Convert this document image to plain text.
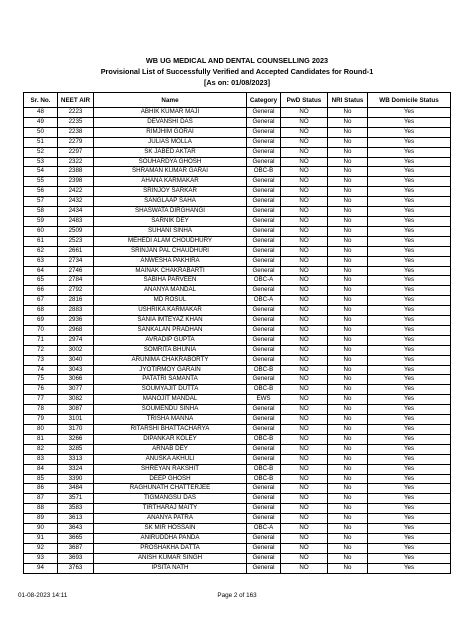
WB UG MEDICAL AND DENTAL COUNSELLING 2023
Provisional List of Successfully Verified and Accepted Candidates for Round-1
[As on: 01/08/2023]
Sr. No.	NEET AIR	Name	Category	PwD Status	NRI Status	WB Domicile Status
48	2223	ABHIK KUMAR MAJI	General	NO	No	Yes
49	2235	DEVANSHI DAS	General	NO	No	Yes
50	2238	RIMJHIM GORAI	General	NO	No	Yes
51	2279	JULIAS MOLLA	General	NO	No	Yes
52	2297	SK JABED AKTAR	General	NO	No	Yes
53	2322	SOUHARDYA GHOSH	General	NO	No	Yes
54	2388	SHRAMAN KUMAR GARAI	OBC-B	NO	No	Yes
55	2398	AHANA KARMAKAR	General	NO	No	Yes
56	2422	SRINJOY SARKAR	General	NO	No	Yes
57	2432	SANGLAAP SAHA	General	NO	No	Yes
58	2434	SHASWATA DIRGHANGI	General	NO	No	Yes
59	2483	SARNIK DEY	General	NO	No	Yes
60	2509	SUHANI SINHA	General	NO	No	Yes
61	2523	MEHEDI ALAM CHOUDHURY	General	NO	No	Yes
62	2661	SRINJAN PAL CHAUDHURI	General	NO	No	Yes
63	2734	ANWESHA PAKHIRA	General	NO	No	Yes
64	2746	MAINAK CHAKRABARTI	General	NO	No	Yes
65	2784	SABIHA PARVEEN	OBC-A	NO	No	Yes
66	2792	ANANYA MANDAL	General	NO	No	Yes
67	2816	MD ROSUL	OBC-A	NO	No	Yes
68	2883	USHRIKA KARMAKAR	General	NO	No	Yes
69	2936	SANIA IMTEYAZ KHAN	General	NO	No	Yes
70	2968	SANKALAN PRADHAN	General	NO	No	Yes
71	2974	AVRADIP GUPTA	General	NO	No	Yes
72	3002	SOMRITA BHUNIA	General	NO	No	Yes
73	3040	ARUNIMA CHAKRABORTY	General	NO	No	Yes
74	3043	JYOTIRMOY GARAIN	OBC-B	NO	No	Yes
75	3066	PATATRI SAMANTA	General	NO	No	Yes
76	3077	SOUMYAJIT DUTTA	OBC-B	NO	No	Yes
77	3082	MANOJIT MANDAL	EWS	NO	No	Yes
78	3087	SOUMENDU SINHA	General	NO	No	Yes
79	3101	TRISHA MANNA	General	NO	No	Yes
80	3170	RITARSHI BHATTACHARYA	General	NO	No	Yes
81	3266	DIPANKAR KOLEY	OBC-B	NO	No	Yes
82	3285	ARNAB DEY	General	NO	No	Yes
83	3313	ANUSKA AKHULI	General	NO	No	Yes
84	3324	SHREYAN RAKSHIT	OBC-B	NO	No	Yes
85	3390	DEEP GHOSH	OBC-B	NO	No	Yes
86	3484	RAGHUNATH CHATTERJEE	General	NO	No	Yes
87	3571	TIGMANGSU DAS	General	NO	No	Yes
88	3583	TIRTHARAJ MAITY	General	NO	No	Yes
89	3613	ANANYA PATRA	General	NO	No	Yes
90	3643	SK MIR HOSSAIN	OBC-A	NO	No	Yes
91	3665	ANIRUDDHA PANDA	General	NO	No	Yes
92	3687	PROSHAKHA DATTA	General	NO	No	Yes
93	3693	ANISH KUMAR SINGH	General	NO	No	Yes
94	3763	IPSITA NATH	General	NO	No	Yes
01-08-2023 14:11	Page 2 of 163
